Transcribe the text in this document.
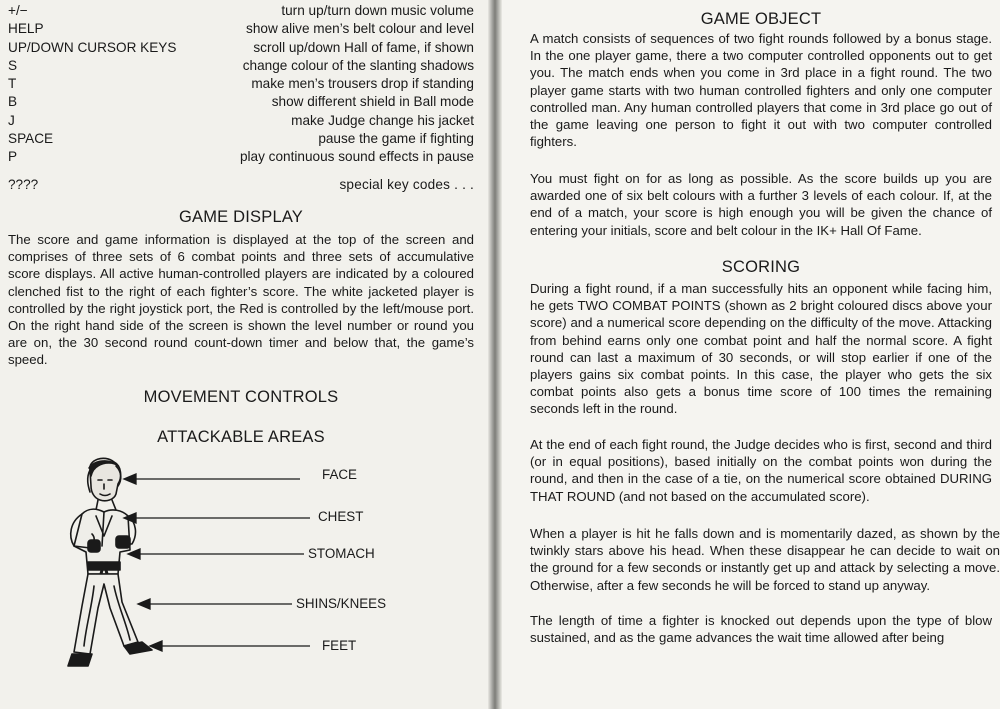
+/−	turn up/turn down music volume
HELP	show alive men’s belt colour and level
UP/DOWN CURSOR KEYS	scroll up/down Hall of fame, if shown
S	change colour of the slanting shadows
T	make men’s trousers drop if standing
B	show different shield in Ball mode
J	make Judge change his jacket
SPACE	pause the game if fighting
P	play continuous sound effects in pause
????	special key codes . . .
GAME DISPLAY

The score and game information is displayed at the top of the screen and comprises of three sets of 6 combat points and three sets of accumulative score displays. All active human-controlled players are indicated by a coloured clenched fist to the right of each fighter’s score. The white jacketed player is controlled by the right joystick port, the Red is controlled by the left/mouse port. On the right hand side of the screen is shown the level number or round you are on, the 30 second round count-down timer and below that, the game’s speed.

MOVEMENT CONTROLS
ATTACKABLE AREAS
FACE
CHEST
STOMACH
SHINS/KNEES
FEET
GAME OBJECT

A match consists of sequences of two fight rounds followed by a bonus stage. In the one player game, there a two computer controlled opponents out to get you. The match ends when you come in 3rd place in a fight round. The two player game starts with two human controlled fighters and only one computer controlled man. Any human controlled players that come in 3rd place go out of the game leaving one person to fight it out with two computer controlled fighters.

You must fight on for as long as possible. As the score builds up you are awarded one of six belt colours with a further 3 levels of each colour. If, at the end of a match, your score is high enough you will be given the chance of entering your initials, score and belt colour in the IK+ Hall Of Fame.

SCORING

During a fight round, if a man successfully hits an opponent while facing him, he gets TWO COMBAT POINTS (shown as 2 bright coloured discs above your score) and a numerical score depending on the difficulty of the move. Attacking from behind earns only one combat point and half the normal score. A fight round can last a maximum of 30 seconds, or will stop earlier if one of the players gains six combat points. In this case, the player who gets the six combat points also gets a bonus time score of 100 times the remaining seconds left in the round.

At the end of each fight round, the Judge decides who is first, second and third (or in equal positions), based initially on the combat points won during the round, and then in the case of a tie, on the numerical score obtained DURING THAT ROUND (and not based on the accumulated score).

When a player is hit he falls down and is momentarily dazed, as shown by the twinkly stars above his head. When these disappear he can decide to wait on the ground for a few seconds or instantly get up and attack by selecting a move. Otherwise, after a few seconds he will be forced to stand up anyway.

The length of time a fighter is knocked out depends upon the type of blow sustained, and as the game advances the wait time allowed after being
